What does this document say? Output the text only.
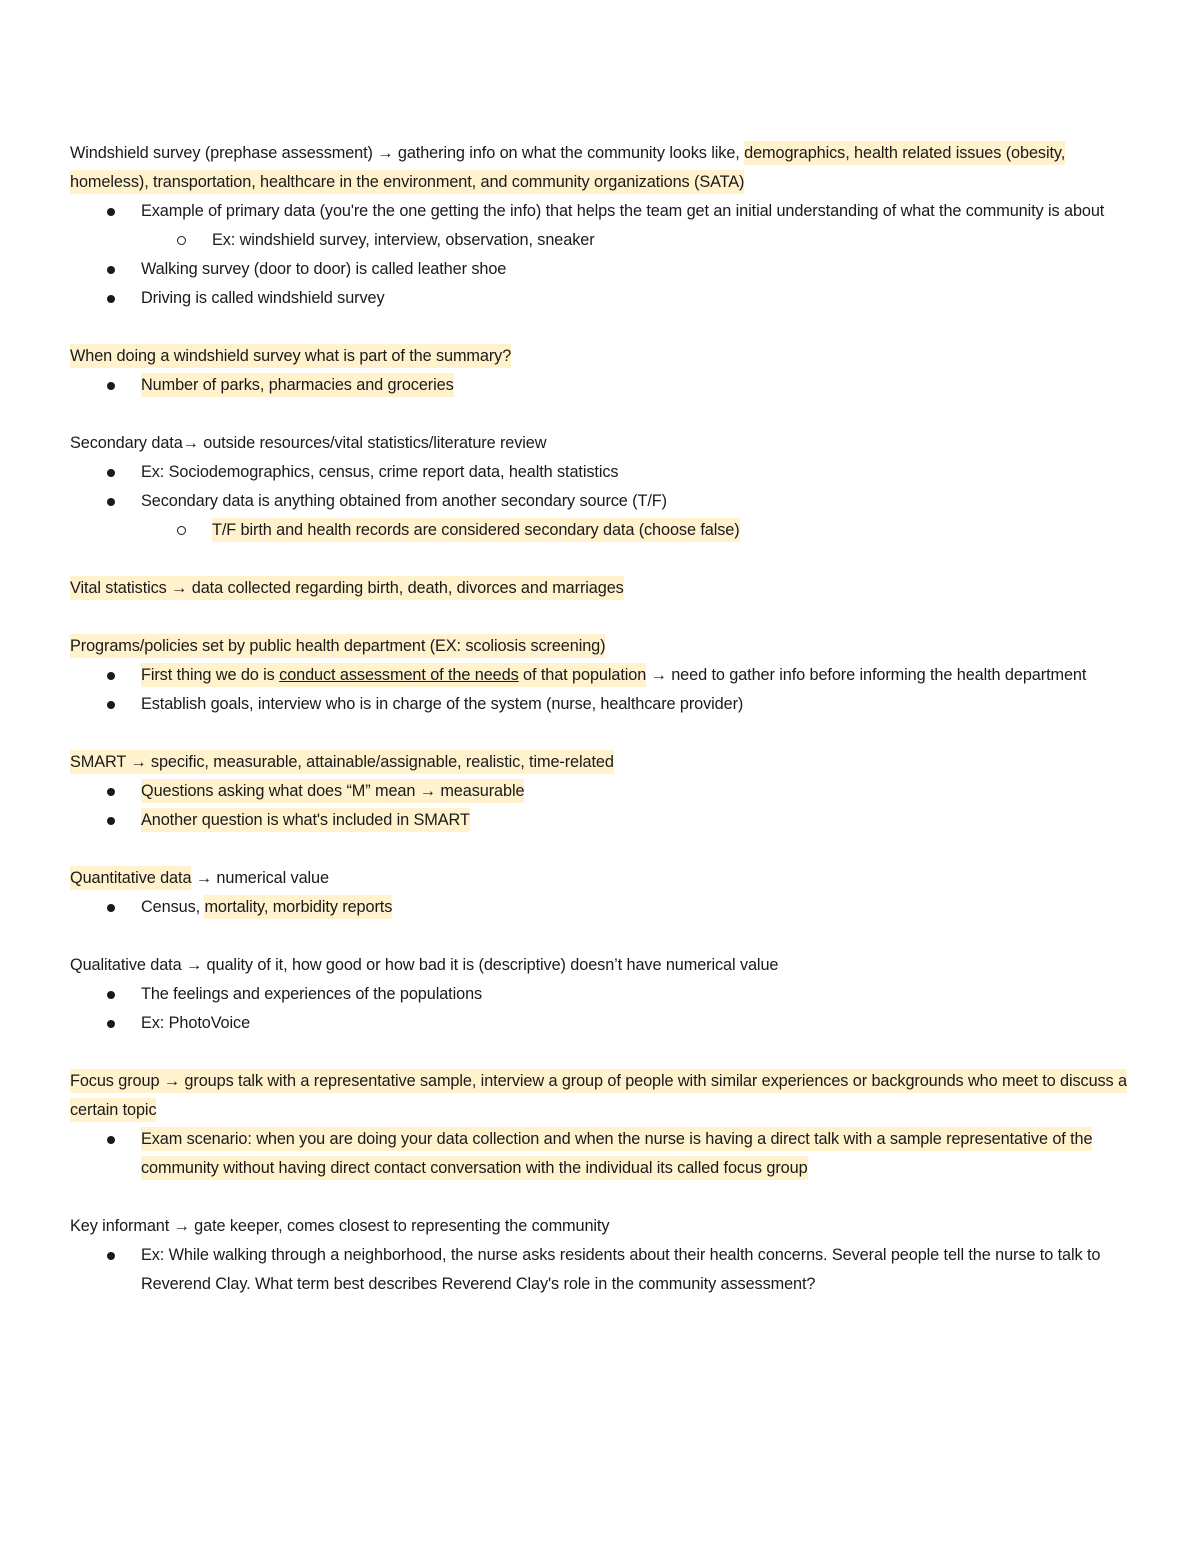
Windshield survey (prephase assessment) → gathering info on what the community looks like, demographics, health related issues (obesity, homeless), transportation, healthcare in the environment, and community organizations (SATA)

Example of primary data (you're the one getting the info) that helps the team get an initial understanding of what the community is about
Ex: windshield survey, interview, observation, sneaker
Walking survey (door to door) is called leather shoe
Driving is called windshield survey

When doing a windshield survey what is part of the summary?

Number of parks, pharmacies and groceries

Secondary data→ outside resources/vital statistics/literature review

Ex: Sociodemographics, census, crime report data, health statistics
Secondary data is anything obtained from another secondary source (T/F)
T/F birth and health records are considered secondary data (choose false)

Vital statistics → data collected regarding birth, death, divorces and marriages

Programs/policies set by public health department (EX: scoliosis screening)

First thing we do is conduct assessment of the needs of that population → need to gather info before informing the health department
Establish goals, interview who is in charge of the system (nurse, healthcare provider)

SMART → specific, measurable, attainable/assignable, realistic, time-related

Questions asking what does “M” mean → measurable
Another question is what's included in SMART

Quantitative data → numerical value

Census, mortality, morbidity reports

Qualitative data → quality of it, how good or how bad it is (descriptive) doesn’t have numerical value

The feelings and experiences of the populations
Ex: PhotoVoice

Focus group → groups talk with a representative sample, interview a group of people with similar experiences or backgrounds who meet to discuss a certain topic

Exam scenario: when you are doing your data collection and when the nurse is having a direct talk with a sample representative of the community without having direct contact conversation with the individual its called focus group

Key informant → gate keeper, comes closest to representing the community

Ex: While walking through a neighborhood, the nurse asks residents about their health concerns. Several people tell the nurse to talk to Reverend Clay. What term best describes Reverend Clay's role in the community assessment?
